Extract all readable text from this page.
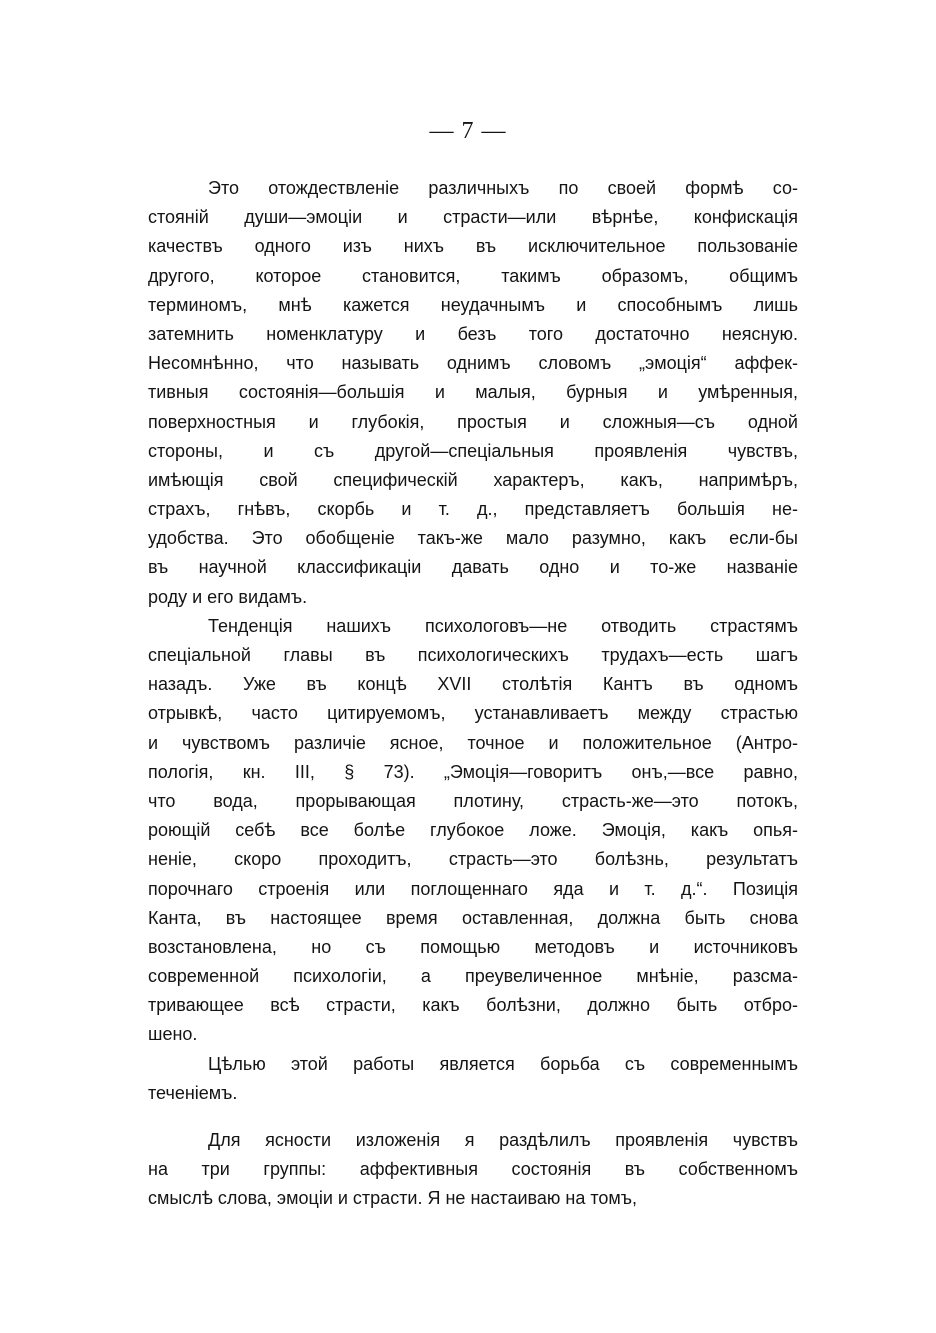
— 7 —
Это отождествленіе различныхъ по своей формѣ со-
стояній души—эмоціи и страсти—или вѣрнѣе, конфискація
качествъ одного изъ нихъ въ исключительное пользованіе
другого, которое становится, такимъ образомъ, общимъ
терминомъ, мнѣ кажется неудачнымъ и способнымъ лишь
затемнить номенклатуру и безъ того достаточно неясную.
Несомнѣнно, что называть однимъ словомъ „эмоція“ аффек-
тивныя состоянія—большія и малыя, бурныя и умѣренныя,
поверхностныя и глубокія, простыя и сложныя—съ одной
стороны, и съ другой—спеціальныя проявленія чувствъ,
имѣющія свой специфическій характеръ, какъ, напримѣръ,
страхъ, гнѣвъ, скорбь и т. д., представляетъ большія не-
удобства. Это обобщеніе такъ-же мало разумно, какъ если-бы
въ научной классификаціи давать одно и то-же названіе
роду и его видамъ.
Тенденція нашихъ психологовъ—не отводить страстямъ
спеціальной главы въ психологическихъ трудахъ—есть шагъ
назадъ. Уже въ концѣ XVII столѣтія Кантъ въ одномъ
отрывкѣ, часто цитируемомъ, устанавливаетъ между страстью
и чувствомъ различіе ясное, точное и положительное (Антро-
пологія, кн. III, § 73). „Эмоція—говоритъ онъ,—все равно,
что вода, прорывающая плотину, страсть-же—это потокъ,
роющій себѣ все болѣе глубокое ложе. Эмоція, какъ опья-
неніе, скоро проходитъ, страсть—это болѣзнь, результатъ
порочнаго строенія или поглощеннаго яда и т. д.“. Позиція
Канта, въ настоящее время оставленная, должна быть снова
возстановлена, но съ помощью методовъ и источниковъ
современной психологіи, а преувеличенное мнѣніе, разсма-
тривающее всѣ страсти, какъ болѣзни, должно быть отбро-
шено.
Цѣлью этой работы является борьба съ современнымъ
теченіемъ.
Для ясности изложенія я раздѣлилъ проявленія чувствъ
на три группы: аффективныя состоянія въ собственномъ
смыслѣ слова, эмоціи и страсти. Я не настаиваю на томъ,
